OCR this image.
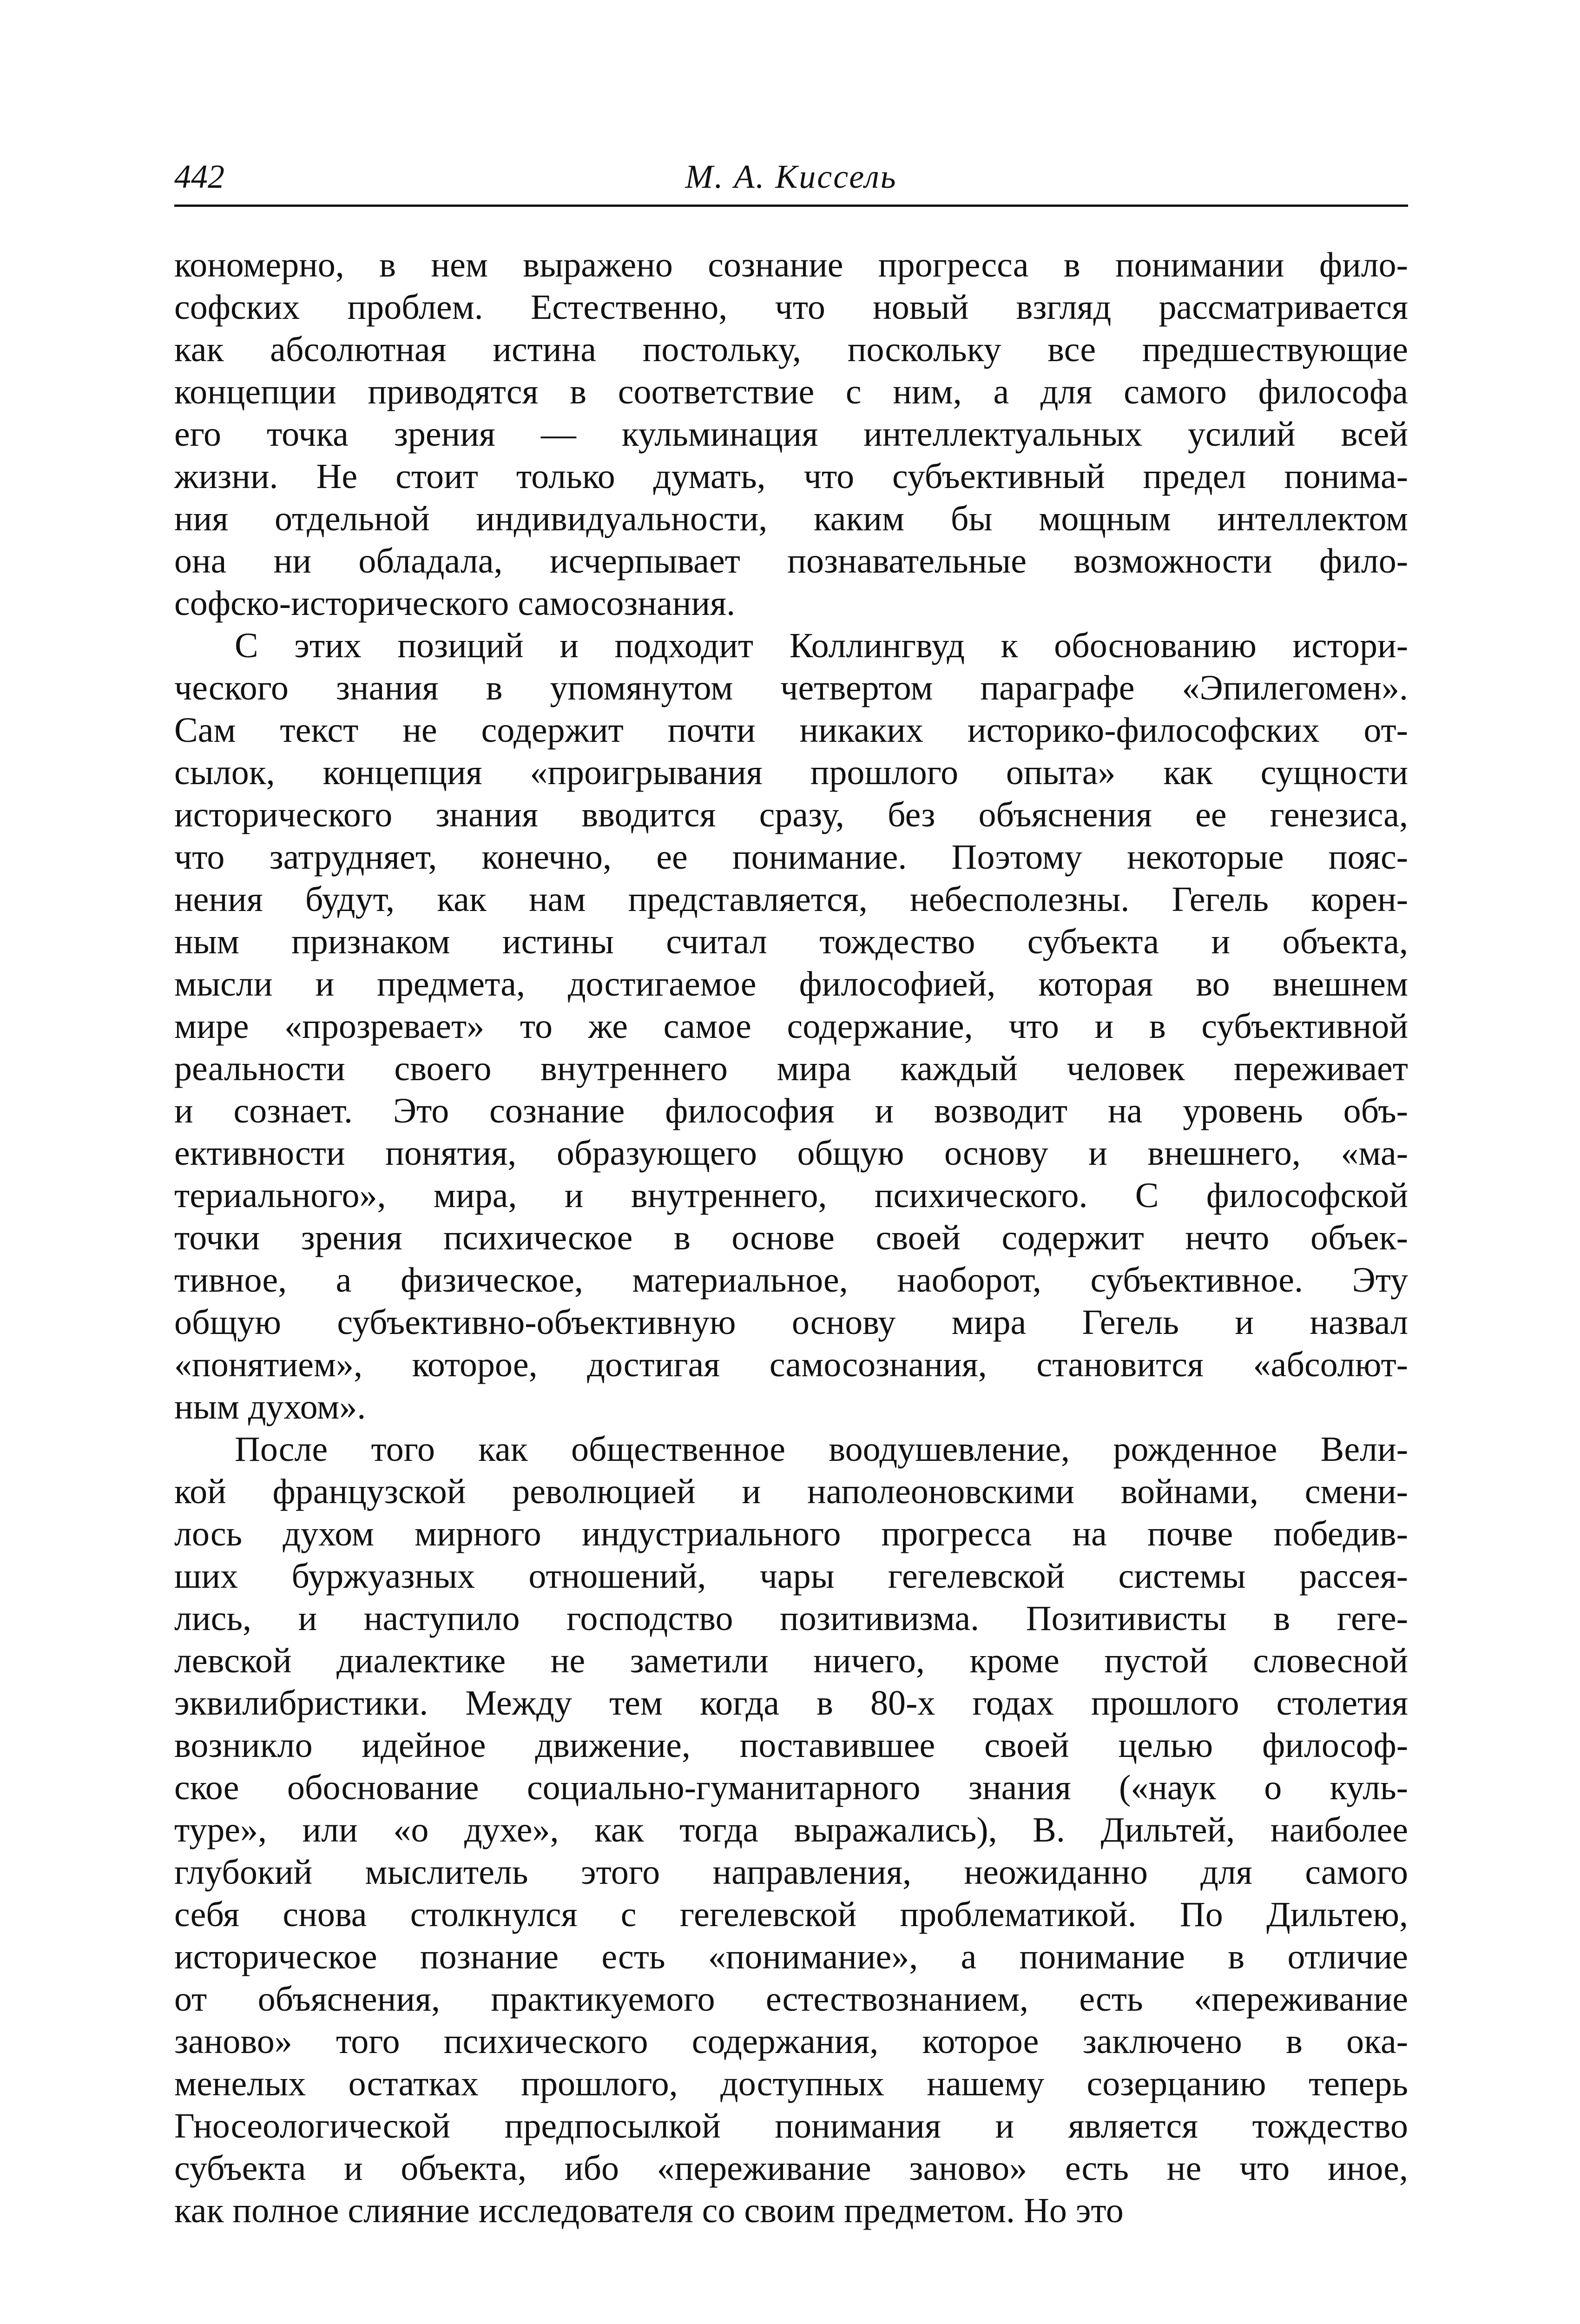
442	М. А. Киссель
кономерно, в нем выражено сознание прогресса в понимании фило-
софских проблем. Естественно, что новый взгляд рассматривается
как абсолютная истина постольку, поскольку все предшествующие
концепции приводятся в соответствие с ним, а для самого философа
его точка зрения — кульминация интеллектуальных усилий всей
жизни. Не стоит только думать, что субъективный предел понима-
ния отдельной индивидуальности, каким бы мощным интеллектом
она ни обладала, исчерпывает познавательные возможности фило-
софско-исторического самосознания.
С этих позиций и подходит Коллингвуд к обоснованию истори-
ческого знания в упомянутом четвертом параграфе «Эпилегомен».
Сам текст не содержит почти никаких историко-философских от-
сылок, концепция «проигрывания прошлого опыта» как сущности
исторического знания вводится сразу, без объяснения ее генезиса,
что затрудняет, конечно, ее понимание. Поэтому некоторые пояс-
нения будут, как нам представляется, небесполезны. Гегель корен-
ным признаком истины считал тождество субъекта и объекта,
мысли и предмета, достигаемое философией, которая во внешнем
мире «прозревает» то же самое содержание, что и в субъективной
реальности своего внутреннего мира каждый человек переживает
и сознает. Это сознание философия и возводит на уровень объ-
ективности понятия, образующего общую основу и внешнего, «ма-
териального», мира, и внутреннего, психического. С философской
точки зрения психическое в основе своей содержит нечто объек-
тивное, а физическое, материальное, наоборот, субъективное. Эту
общую субъективно-объективную основу мира Гегель и назвал
«понятием», которое, достигая самосознания, становится «абсолют-
ным духом».
После того как общественное воодушевление, рожденное Вели-
кой французской революцией и наполеоновскими войнами, смени-
лось духом мирного индустриального прогресса на почве победив-
ших буржуазных отношений, чары гегелевской системы рассея-
лись, и наступило господство позитивизма. Позитивисты в геге-
левской диалектике не заметили ничего, кроме пустой словесной
эквилибристики. Между тем когда в 80-х годах прошлого столетия
возникло идейное движение, поставившее своей целью философ-
ское обоснование социально-гуманитарного знания («наук о куль-
туре», или «о духе», как тогда выражались), В. Дильтей, наиболее
глубокий мыслитель этого направления, неожиданно для самого
себя снова столкнулся с гегелевской проблематикой. По Дильтею,
историческое познание есть «понимание», а понимание в отличие
от объяснения, практикуемого естествознанием, есть «переживание
заново» того психического содержания, которое заключено в ока-
менелых остатках прошлого, доступных нашему созерцанию теперь
Гносеологической предпосылкой понимания и является тождество
субъекта и объекта, ибо «переживание заново» есть не что иное,
как полное слияние исследователя со своим предметом. Но это
